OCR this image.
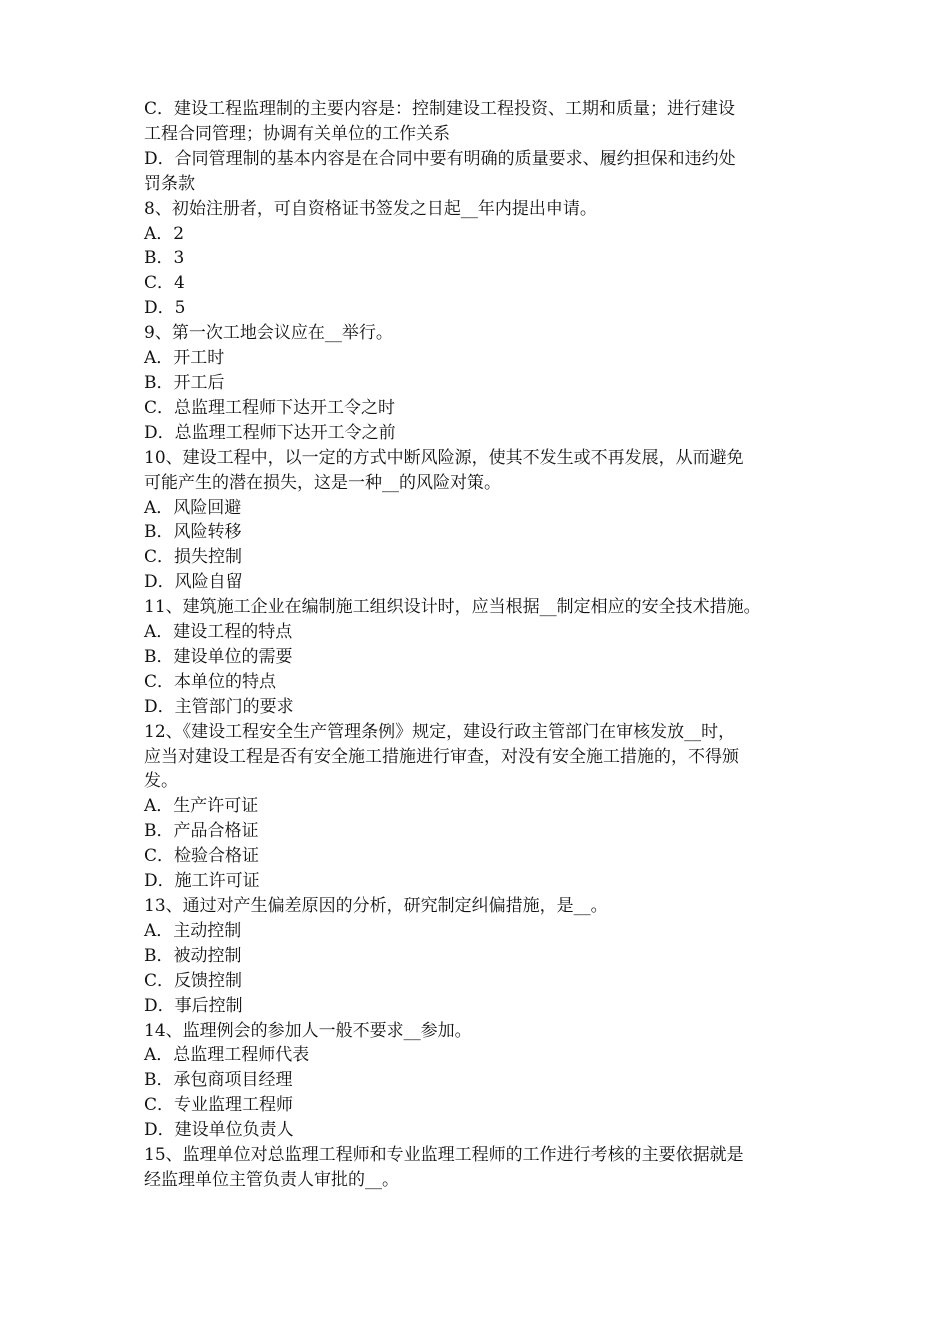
C．建设工程监理制的主要内容是：控制建设工程投资、工期和质量；进行建设
工程合同管理；协调有关单位的工作关系
D．合同管理制的基本内容是在合同中要有明确的质量要求、履约担保和违约处
罚条款
8、初始注册者，可自资格证书签发之日起__年内提出申请。
A．2
B．3
C．4
D．5
9、第一次工地会议应在__举行。
A．开工时
B．开工后
C．总监理工程师下达开工令之时
D．总监理工程师下达开工令之前
10、建设工程中，以一定的方式中断风险源，使其不发生或不再发展，从而避免
可能产生的潜在损失，这是一种__的风险对策。
A．风险回避
B．风险转移
C．损失控制
D．风险自留
11、建筑施工企业在编制施工组织设计时，应当根据__制定相应的安全技术措施。
A．建设工程的特点
B．建设单位的需要
C．本单位的特点
D．主管部门的要求
12、《建设工程安全生产管理条例》规定，建设行政主管部门在审核发放__时，
应当对建设工程是否有安全施工措施进行审查，对没有安全施工措施的，不得颁
发。
A．生产许可证
B．产品合格证
C．检验合格证
D．施工许可证
13、通过对产生偏差原因的分析，研究制定纠偏措施，是__。
A．主动控制
B．被动控制
C．反馈控制
D．事后控制
14、监理例会的参加人一般不要求__参加。
A．总监理工程师代表
B．承包商项目经理
C．专业监理工程师
D．建设单位负责人
15、监理单位对总监理工程师和专业监理工程师的工作进行考核的主要依据就是
经监理单位主管负责人审批的__。
